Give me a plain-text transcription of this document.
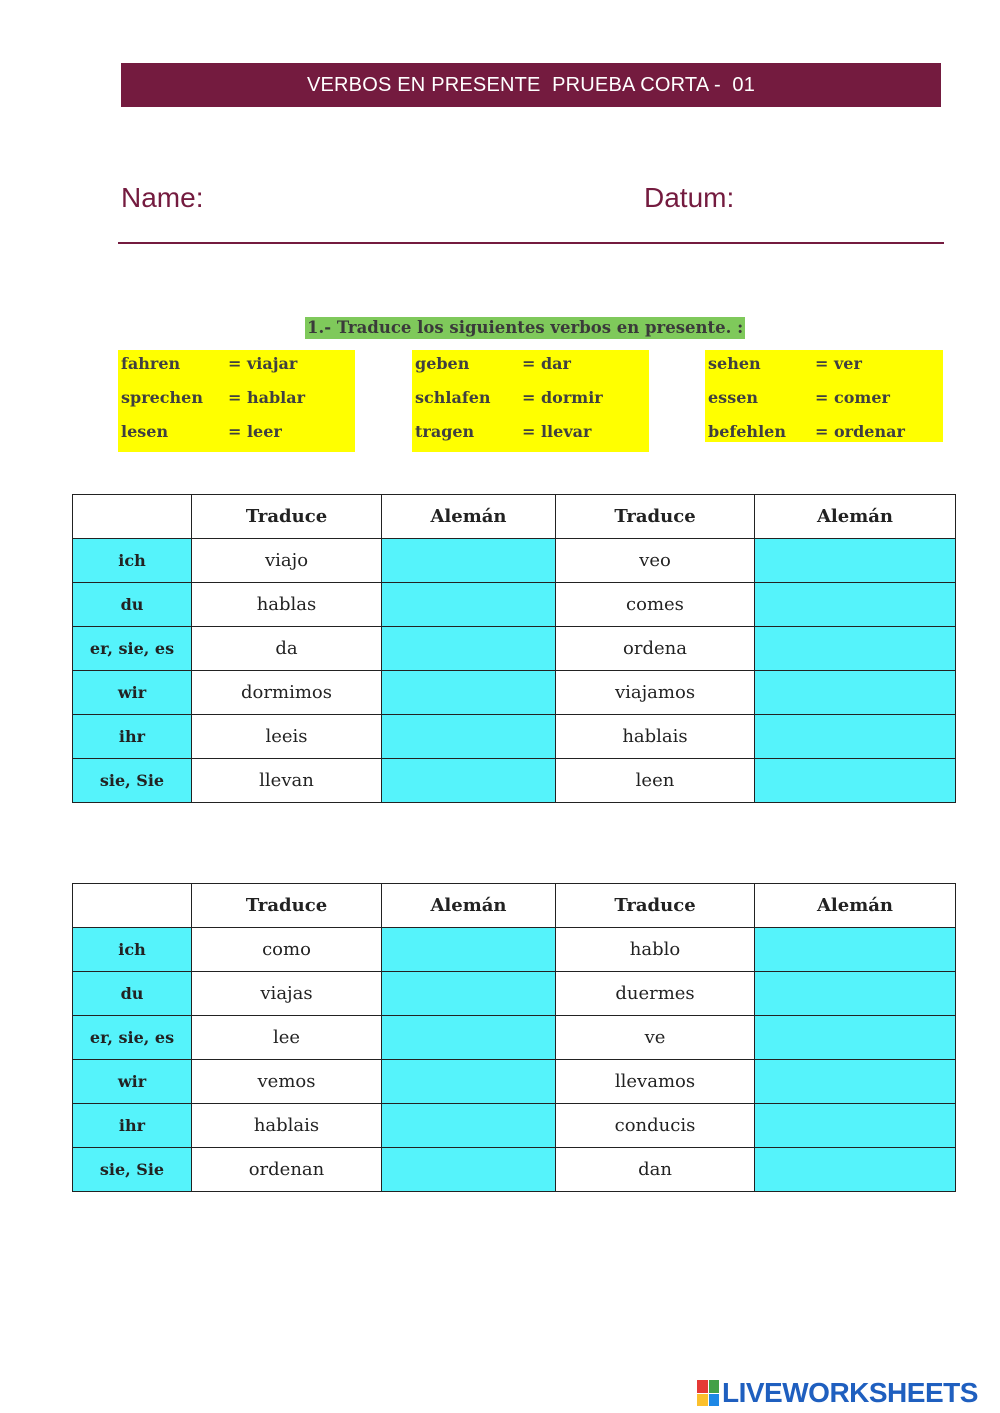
VERBOS EN PRESENTE  PRUEBA CORTA -  01
Name:	Datum:
1.- Traduce los siguientes verbos en presente. :
fahren	= viajar
sprechen	= hablar
lesen	= leer
geben	= dar
schlafen	= dormir
tragen	= llevar
sehen	= ver
essen	= comer
befehlen	= ordenar
	Traduce	Alemán	Traduce	Alemán
ich	viajo		veo	
du	hablas		comes	
er, sie, es	da		ordena	
wir	dormimos		viajamos	
ihr	leeis		hablais	
sie, Sie	llevan		leen	
	Traduce	Alemán	Traduce	Alemán
ich	como		hablo	
du	viajas		duermes	
er, sie, es	lee		ve	
wir	vemos		llevamos	
ihr	hablais		conducis	
sie, Sie	ordenan		dan	
LIVEWORKSHEETS
